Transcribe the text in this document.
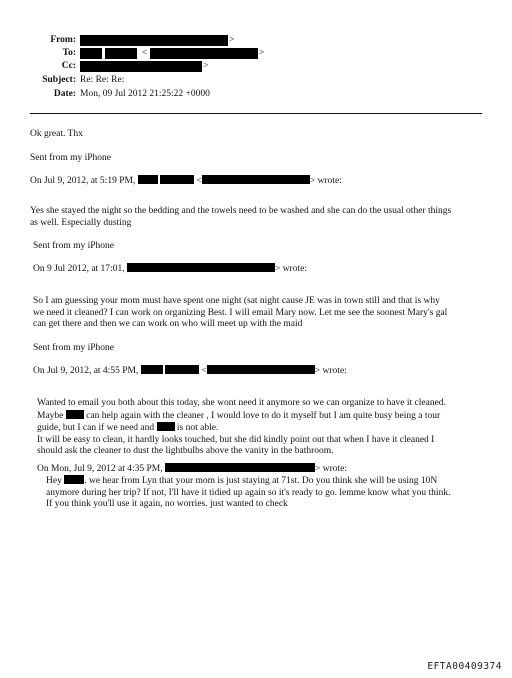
From:	>
To:	<	>
Cc:	>
Subject: Re: Re: Re:
Date: Mon, 09 Jul 2012 21:25:22 +0000
Ok great. Thx
Sent from my iPhone
On Jul 9, 2012, at 5:19 PM,	<	> wrote:
Yes she stayed the night so the bedding and the towels need to be washed and she can do the usual other things
as well. Especially dusting
Sent from my iPhone
On 9 Jul 2012, at 17:01,	> wrote:
So I am guessing your mom must have spent one night (sat night cause JE was in town still and that is why
we need it cleaned? I can work on organizing Best. I will email Mary now. Let me see the soonest Mary's gal
can get there and then we can work on who will meet up with the maid
Sent from my iPhone
On Jul 9, 2012, at 4:55 PM,	<	> wrote:
Wanted to email you both about this today, she wont need it anymore so we can organize to have it cleaned.
Maybe can help again with the cleaner , I would love to do it myself but I am quite busy being a tour
guide, but I can if we need and is not able.
It will be easy to clean, it hardly looks touched, but she did kindly point out that when I have it cleaned I
should ask the cleaner to dust the lightbulbs above the vanity in the bathroom.
On Mon, Jul 9, 2012 at 4:35 PM,	> wrote:
Hey . we hear from Lyn that your mom is just staying at 71st. Do you think she will be using 10N
anymore during her trip? If not, I'll have it tidied up again so it's ready to go. lemme know what you think.
If you think you'll use it again, no worries. just wanted to check
EFTA00409374
